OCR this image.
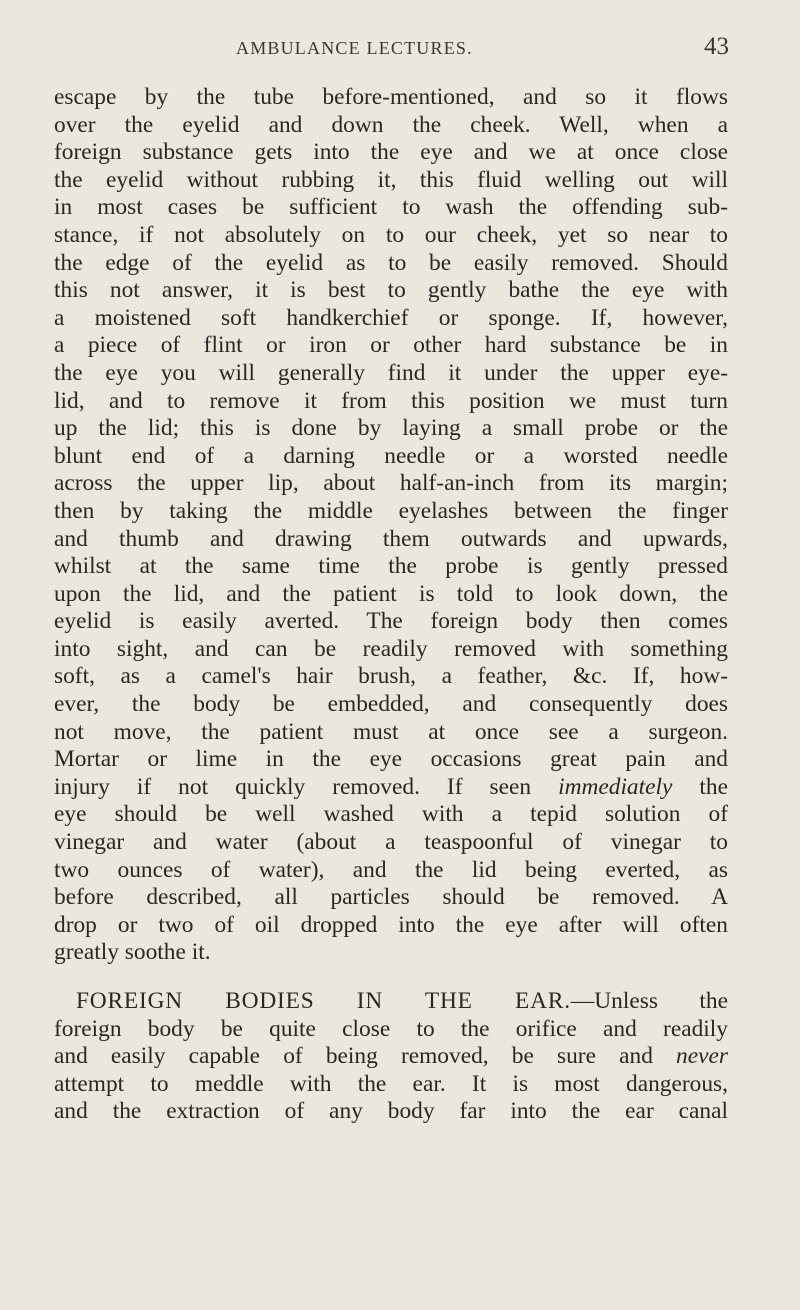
AMBULANCE LECTURES.	43
escape by the tube before-mentioned, and so it flows
over the eyelid and down the cheek. Well, when a
foreign substance gets into the eye and we at once close
the eyelid without rubbing it, this fluid welling out will
in most cases be sufficient to wash the offending sub-
stance, if not absolutely on to our cheek, yet so near to
the edge of the eyelid as to be easily removed. Should
this not answer, it is best to gently bathe the eye with
a moistened soft handkerchief or sponge. If, however,
a piece of flint or iron or other hard substance be in
the eye you will generally find it under the upper eye-
lid, and to remove it from this position we must turn
up the lid; this is done by laying a small probe or the
blunt end of a darning needle or a worsted needle
across the upper lip, about half-an-inch from its margin;
then by taking the middle eyelashes between the finger
and thumb and drawing them outwards and upwards,
whilst at the same time the probe is gently pressed
upon the lid, and the patient is told to look down, the
eyelid is easily averted. The foreign body then comes
into sight, and can be readily removed with something
soft, as a camel's hair brush, a feather, &c. If, how-
ever, the body be embedded, and consequently does
not move, the patient must at once see a surgeon.
Mortar or lime in the eye occasions great pain and
injury if not quickly removed. If seen immediately the
eye should be well washed with a tepid solution of
vinegar and water (about a teaspoonful of vinegar to
two ounces of water), and the lid being everted, as
before described, all particles should be removed. A
drop or two of oil dropped into the eye after will often
greatly soothe it.
FOREIGN BODIES IN THE EAR.—Unless the
foreign body be quite close to the orifice and readily
and easily capable of being removed, be sure and never
attempt to meddle with the ear. It is most dangerous,
and the extraction of any body far into the ear canal
